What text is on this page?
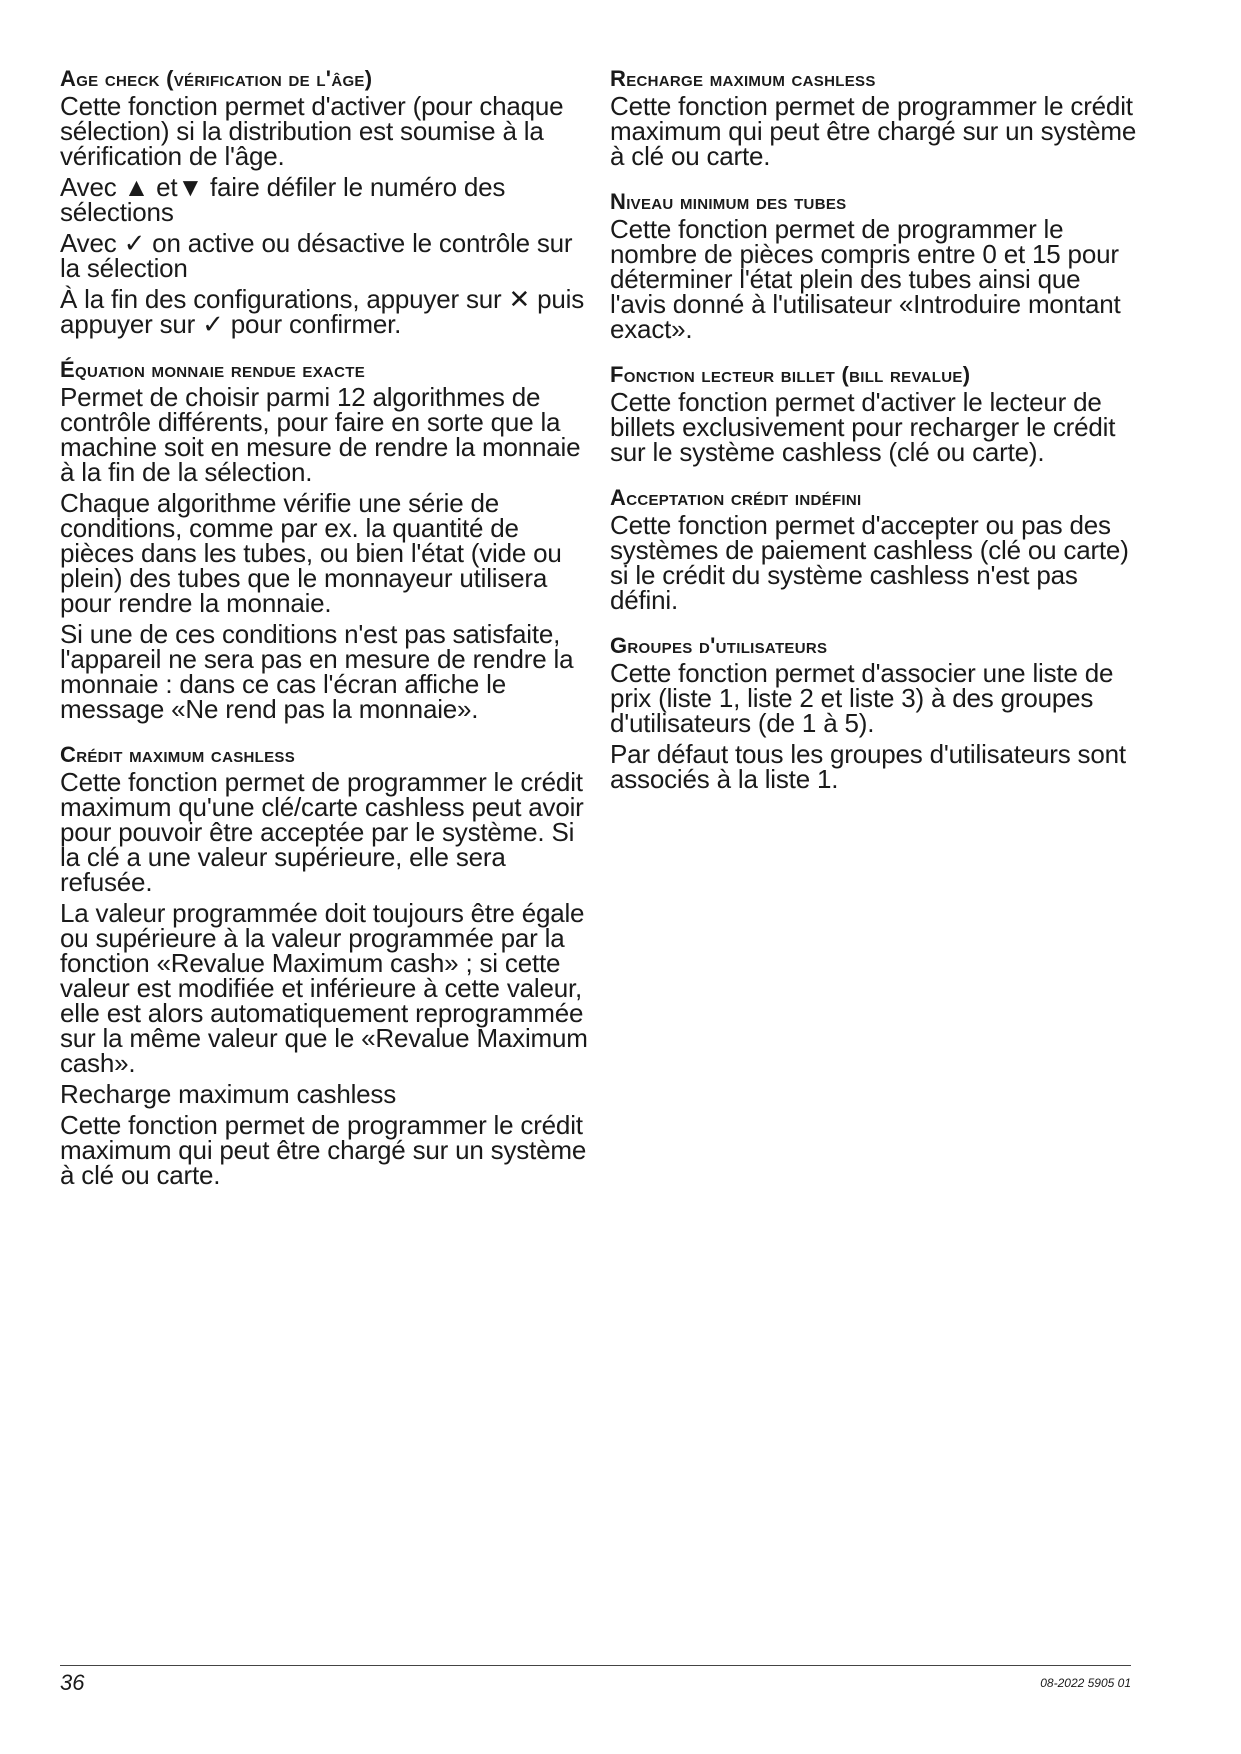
Age check (vérification de l'âge)

Cette fonction permet d'activer (pour chaque sélection) si la distribution est soumise à la vérification de l'âge.

Avec ▲ et▼ faire défiler le numéro des sélections

Avec ✓ on active ou désactive le contrôle sur la sélection

À la fin des configurations, appuyer sur ✕ puis appuyer sur ✓ pour confirmer.

Équation monnaie rendue exacte

Permet de choisir parmi 12 algorithmes de contrôle différents, pour faire en sorte que la machine soit en mesure de rendre la monnaie à la fin de la sélection.

Chaque algorithme vérifie une série de conditions, comme par ex. la quantité de pièces dans les tubes, ou bien l'état (vide ou plein) des tubes que le monnayeur utilisera pour rendre la monnaie.

Si une de ces conditions n'est pas satisfaite, l'appareil ne sera pas en mesure de rendre la monnaie : dans ce cas l'écran affiche le message «Ne rend pas la monnaie».

Crédit maximum cashless

Cette fonction permet de programmer le crédit maximum qu'une clé/carte cashless peut avoir pour pouvoir être acceptée par le système. Si la clé a une valeur supérieure, elle sera refusée.

La valeur programmée doit toujours être égale ou supérieure à la valeur programmée par la fonction «Revalue Maximum cash» ; si cette valeur est modifiée et inférieure à cette valeur, elle est alors automatiquement reprogrammée sur la même valeur que le «Revalue Maximum cash».

Recharge maximum cashless

Cette fonction permet de programmer le crédit maximum qui peut être chargé sur un système à clé ou carte.

Recharge maximum cashless

Cette fonction permet de programmer le crédit maximum qui peut être chargé sur un système à clé ou carte.

Niveau minimum des tubes

Cette fonction permet de programmer le nombre de pièces compris entre 0 et 15 pour déterminer l'état plein des tubes ainsi que l'avis donné à l'utilisateur «Introduire montant exact».

Fonction lecteur billet (bill revalue)

Cette fonction permet d'activer le lecteur de billets exclusivement pour recharger le crédit sur le système cashless (clé ou carte).

Acceptation crédit indéfini

Cette fonction permet d'accepter ou pas des systèmes de paiement cashless (clé ou carte) si le crédit du système cashless n'est pas défini.

Groupes d'utilisateurs

Cette fonction permet d'associer une liste de prix (liste 1, liste 2 et liste 3) à des groupes d'utilisateurs (de 1 à 5).

Par défaut tous les groupes d'utilisateurs sont associés à la liste 1.

36	08-2022 5905 01
